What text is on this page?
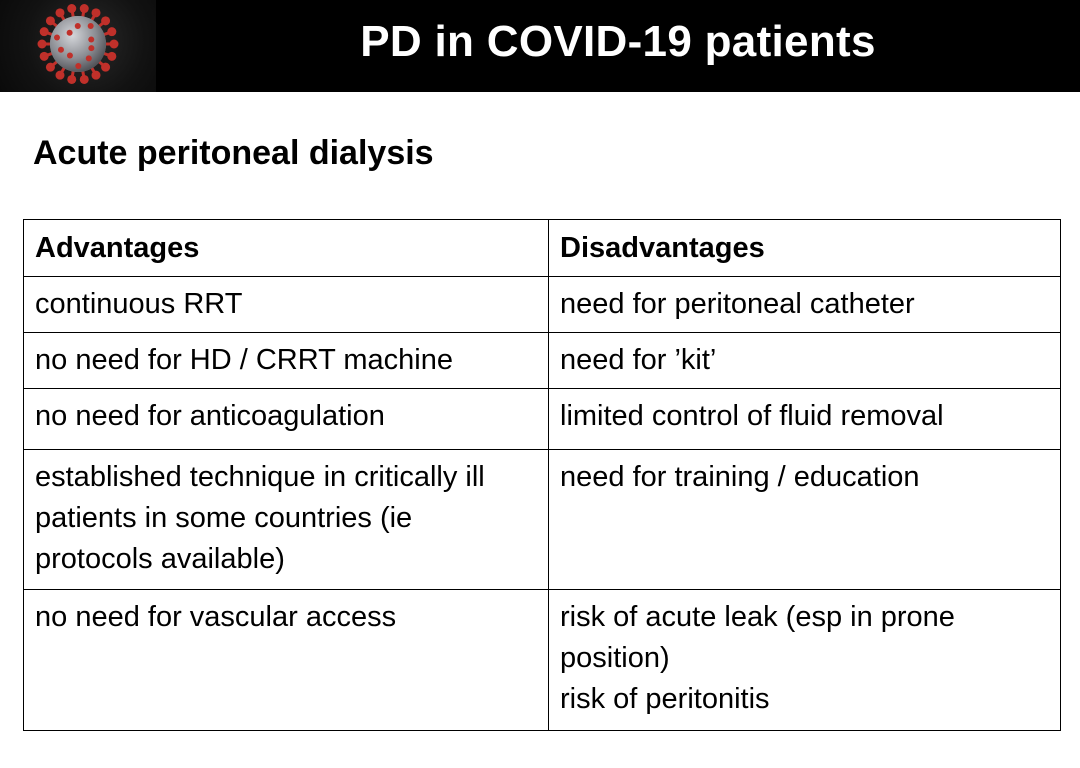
PD in COVID-19 patients
Acute peritoneal dialysis
Advantages	Disadvantages
continuous RRT	need for peritoneal catheter

no need for HD / CRRT machine	need for ’kit’

no need for anticoagulation	limited control of fluid removal

established technique in critically ill patients in some countries (ie protocols available)	need for training / education

no need for vascular access	risk of acute leak (esp in prone position)
risk of peritonitis
